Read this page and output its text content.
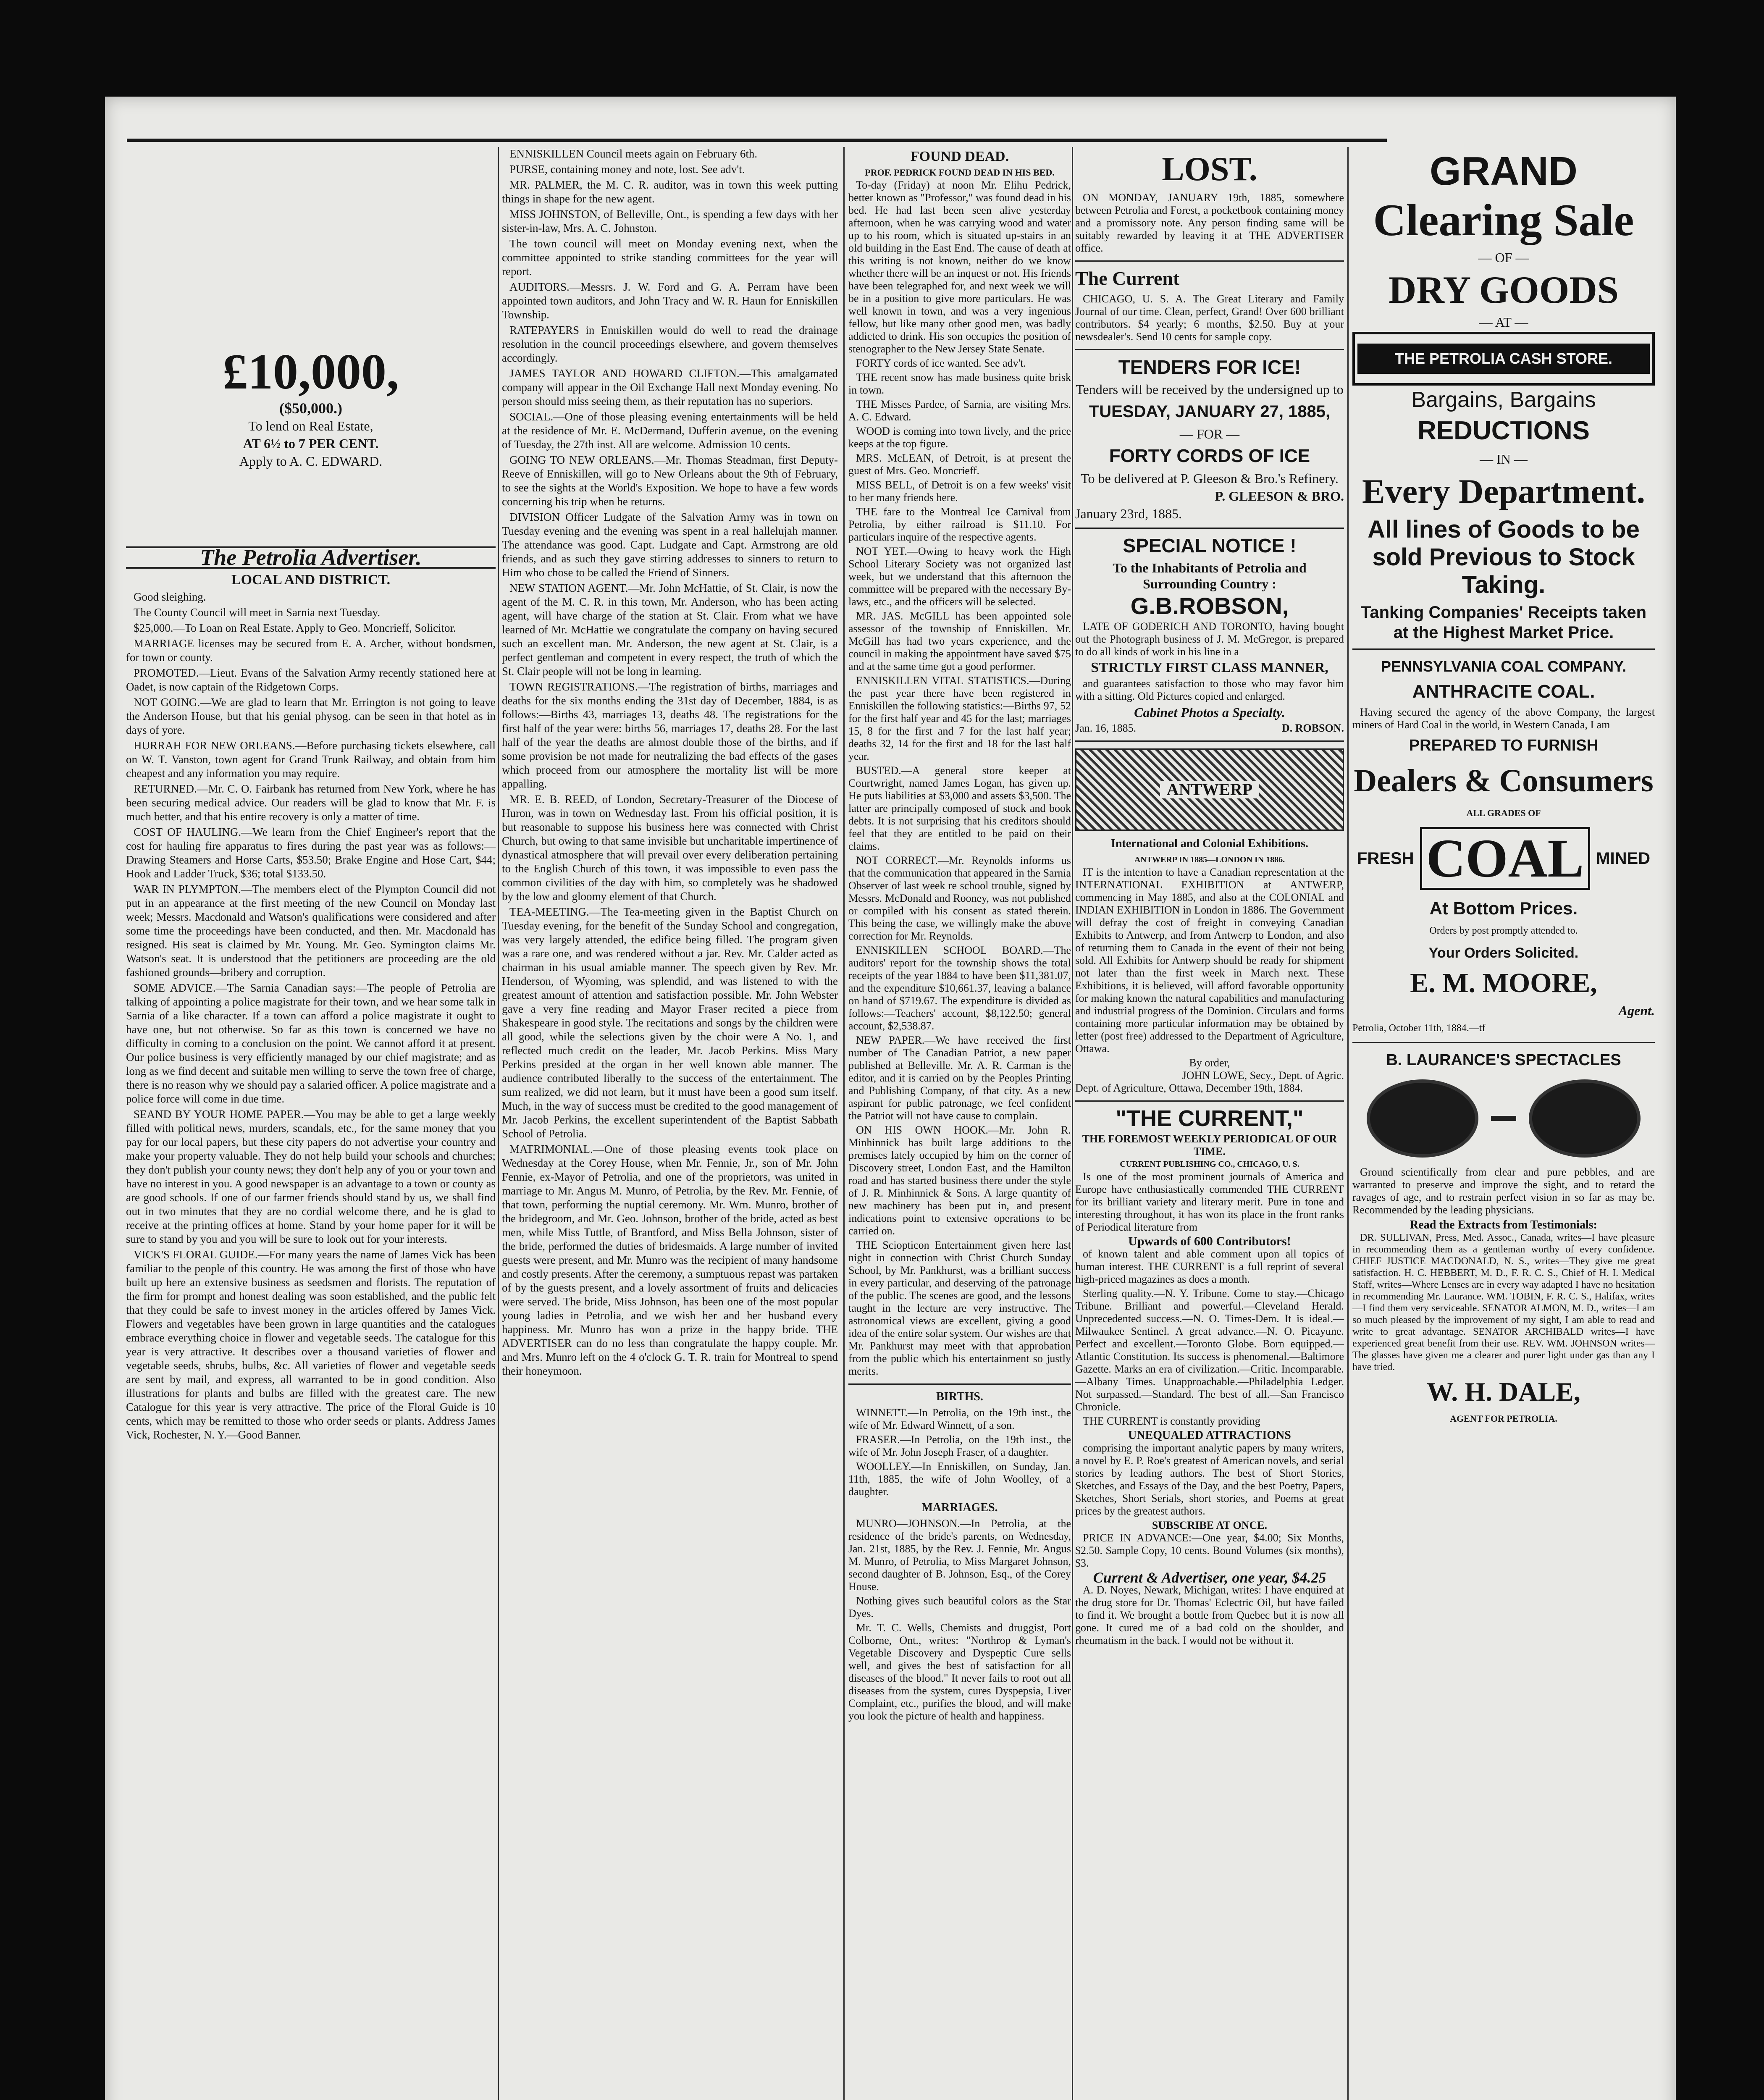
£10,000,
($50,000.)
To lend on Real Estate,
AT 6½ to 7 PER CENT.
Apply to A. C. EDWARD.
The Petrolia Advertiser.
LOCAL AND DISTRICT.

Good sleighing.

The County Council will meet in Sarnia next Tuesday.

$25,000.—To Loan on Real Estate. Apply to Geo. Moncrieff, Solicitor.

MARRIAGE licenses may be secured from E. A. Archer, without bondsmen, for town or county.

PROMOTED.—Lieut. Evans of the Salvation Army recently stationed here at Oadet, is now captain of the Ridgetown Corps.

NOT GOING.—We are glad to learn that Mr. Errington is not going to leave the Anderson House, but that his genial physog. can be seen in that hotel as in days of yore.

HURRAH FOR NEW ORLEANS.—Before purchasing tickets elsewhere, call on W. T. Vanston, town agent for Grand Trunk Railway, and obtain from him cheapest and any information you may require.

RETURNED.—Mr. C. O. Fairbank has returned from New York, where he has been securing medical advice. Our readers will be glad to know that Mr. F. is much better, and that his entire recovery is only a matter of time.

COST OF HAULING.—We learn from the Chief Engineer's report that the cost for hauling fire apparatus to fires during the past year was as follows:—Drawing Steamers and Horse Carts, $53.50; Brake Engine and Hose Cart, $44; Hook and Ladder Truck, $36; total $133.50.

WAR IN PLYMPTON.—The members elect of the Plympton Council did not put in an appearance at the first meeting of the new Council on Monday last week; Messrs. Macdonald and Watson's qualifications were considered and after some time the proceedings have been conducted, and then. Mr. Macdonald has resigned. His seat is claimed by Mr. Young. Mr. Geo. Symington claims Mr. Watson's seat. It is understood that the petitioners are proceeding are the old fashioned grounds—bribery and corruption.

SOME ADVICE.—The Sarnia Canadian says:—The people of Petrolia are talking of appointing a police magistrate for their town, and we hear some talk in Sarnia of a like character. If a town can afford a police magistrate it ought to have one, but not otherwise. So far as this town is concerned we have no difficulty in coming to a conclusion on the point. We cannot afford it at present. Our police business is very efficiently managed by our chief magistrate; and as long as we find decent and suitable men willing to serve the town free of charge, there is no reason why we should pay a salaried officer. A police magistrate and a police force will come in due time.

SEAND BY YOUR HOME PAPER.—You may be able to get a large weekly filled with political news, murders, scandals, etc., for the same money that you pay for our local papers, but these city papers do not advertise your country and make your property valuable. They do not help build your schools and churches; they don't publish your county news; they don't help any of you or your town and have no interest in you. A good newspaper is an advantage to a town or county as are good schools. If one of our farmer friends should stand by us, we shall find out in two minutes that they are no cordial welcome there, and he is glad to receive at the printing offices at home. Stand by your home paper for it will be sure to stand by you and you will be sure to look out for your interests.

VICK'S FLORAL GUIDE.—For many years the name of James Vick has been familiar to the people of this country. He was among the first of those who have built up here an extensive business as seedsmen and florists. The reputation of the firm for prompt and honest dealing was soon established, and the public felt that they could be safe to invest money in the articles offered by James Vick. Flowers and vegetables have been grown in large quantities and the catalogues embrace everything choice in flower and vegetable seeds. The catalogue for this year is very attractive. It describes over a thousand varieties of flower and vegetable seeds, shrubs, bulbs, &c. All varieties of flower and vegetable seeds are sent by mail, and express, all warranted to be in good condition. Also illustrations for plants and bulbs are filled with the greatest care. The new Catalogue for this year is very attractive. The price of the Floral Guide is 10 cents, which may be remitted to those who order seeds or plants. Address James Vick, Rochester, N. Y.—Good Banner.

ENNISKILLEN Council meets again on February 6th.

PURSE, containing money and note, lost. See adv't.

MR. PALMER, the M. C. R. auditor, was in town this week putting things in shape for the new agent.

MISS JOHNSTON, of Belleville, Ont., is spending a few days with her sister-in-law, Mrs. A. C. Johnston.

The town council will meet on Monday evening next, when the committee appointed to strike standing committees for the year will report.

AUDITORS.—Messrs. J. W. Ford and G. A. Perram have been appointed town auditors, and John Tracy and W. R. Haun for Enniskillen Township.

RATEPAYERS in Enniskillen would do well to read the drainage resolution in the council proceedings elsewhere, and govern themselves accordingly.

JAMES TAYLOR AND HOWARD CLIFTON.—This amalgamated company will appear in the Oil Exchange Hall next Monday evening. No person should miss seeing them, as their reputation has no superiors.

SOCIAL.—One of those pleasing evening entertainments will be held at the residence of Mr. E. McDermand, Dufferin avenue, on the evening of Tuesday, the 27th inst. All are welcome. Admission 10 cents.

GOING TO NEW ORLEANS.—Mr. Thomas Steadman, first Deputy-Reeve of Enniskillen, will go to New Orleans about the 9th of February, to see the sights at the World's Exposition. We hope to have a few words concerning his trip when he returns.

DIVISION Officer Ludgate of the Salvation Army was in town on Tuesday evening and the evening was spent in a real hallelujah manner. The attendance was good. Capt. Ludgate and Capt. Armstrong are old friends, and as such they gave stirring addresses to sinners to return to Him who chose to be called the Friend of Sinners.

NEW STATION AGENT.—Mr. John McHattie, of St. Clair, is now the agent of the M. C. R. in this town, Mr. Anderson, who has been acting agent, will have charge of the station at St. Clair. From what we have learned of Mr. McHattie we congratulate the company on having secured such an excellent man. Mr. Anderson, the new agent at St. Clair, is a perfect gentleman and competent in every respect, the truth of which the St. Clair people will not be long in learning.

TOWN REGISTRATIONS.—The registration of births, marriages and deaths for the six months ending the 31st day of December, 1884, is as follows:—Births 43, marriages 13, deaths 48. The registrations for the first half of the year were: births 56, marriages 17, deaths 28. For the last half of the year the deaths are almost double those of the births, and if some provision be not made for neutralizing the bad effects of the gases which proceed from our atmosphere the mortality list will be more appalling.

MR. E. B. REED, of London, Secretary-Treasurer of the Diocese of Huron, was in town on Wednesday last. From his official position, it is but reasonable to suppose his business here was connected with Christ Church, but owing to that same invisible but uncharitable impertinence of dynastical atmosphere that will prevail over every deliberation pertaining to the English Church of this town, it was impossible to even pass the common civilities of the day with him, so completely was he shadowed by the low and gloomy element of that Church.

TEA-MEETING.—The Tea-meeting given in the Baptist Church on Tuesday evening, for the benefit of the Sunday School and congregation, was very largely attended, the edifice being filled. The program given was a rare one, and was rendered without a jar. Rev. Mr. Calder acted as chairman in his usual amiable manner. The speech given by Rev. Mr. Henderson, of Wyoming, was splendid, and was listened to with the greatest amount of attention and satisfaction possible. Mr. John Webster gave a very fine reading and Mayor Fraser recited a piece from Shakespeare in good style. The recitations and songs by the children were all good, while the selections given by the choir were A No. 1, and reflected much credit on the leader, Mr. Jacob Perkins. Miss Mary Perkins presided at the organ in her well known able manner. The audience contributed liberally to the success of the entertainment. The sum realized, we did not learn, but it must have been a good sum itself. Much, in the way of success must be credited to the good management of Mr. Jacob Perkins, the excellent superintendent of the Baptist Sabbath School of Petrolia.

MATRIMONIAL.—One of those pleasing events took place on Wednesday at the Corey House, when Mr. Fennie, Jr., son of Mr. John Fennie, ex-Mayor of Petrolia, and one of the proprietors, was united in marriage to Mr. Angus M. Munro, of Petrolia, by the Rev. Mr. Fennie, of that town, performing the nuptial ceremony. Mr. Wm. Munro, brother of the bridegroom, and Mr. Geo. Johnson, brother of the bride, acted as best men, while Miss Tuttle, of Brantford, and Miss Bella Johnson, sister of the bride, performed the duties of bridesmaids. A large number of invited guests were present, and Mr. Munro was the recipient of many handsome and costly presents. After the ceremony, a sumptuous repast was partaken of by the guests present, and a lovely assortment of fruits and delicacies were served. The bride, Miss Johnson, has been one of the most popular young ladies in Petrolia, and we wish her and her husband every happiness. Mr. Munro has won a prize in the happy bride. THE ADVERTISER can do no less than congratulate the happy couple. Mr. and Mrs. Munro left on the 4 o'clock G. T. R. train for Montreal to spend their honeymoon.

FOUND DEAD.
PROF. PEDRICK FOUND DEAD IN HIS BED.

To-day (Friday) at noon Mr. Elihu Pedrick, better known as "Professor," was found dead in his bed. He had last been seen alive yesterday afternoon, when he was carrying wood and water up to his room, which is situated up-stairs in an old building in the East End. The cause of death at this writing is not known, neither do we know whether there will be an inquest or not. His friends have been telegraphed for, and next week we will be in a position to give more particulars. He was well known in town, and was a very ingenious fellow, but like many other good men, was badly addicted to drink. His son occupies the position of stenographer to the New Jersey State Senate.

FORTY cords of ice wanted. See adv't.

THE recent snow has made business quite brisk in town.

THE Misses Pardee, of Sarnia, are visiting Mrs. A. C. Edward.

WOOD is coming into town lively, and the price keeps at the top figure.

MRS. McLEAN, of Detroit, is at present the guest of Mrs. Geo. Moncrieff.

MISS BELL, of Detroit is on a few weeks' visit to her many friends here.

THE fare to the Montreal Ice Carnival from Petrolia, by either railroad is $11.10. For particulars inquire of the respective agents.

NOT YET.—Owing to heavy work the High School Literary Society was not organized last week, but we understand that this afternoon the committee will be prepared with the necessary By-laws, etc., and the officers will be selected.

MR. JAS. McGILL has been appointed sole assessor of the township of Enniskillen. Mr. McGill has had two years experience, and the council in making the appointment have saved $75 and at the same time got a good performer.

ENNISKILLEN VITAL STATISTICS.—During the past year there have been registered in Enniskillen the following statistics:—Births 97, 52 for the first half year and 45 for the last; marriages 15, 8 for the first and 7 for the last half year; deaths 32, 14 for the first and 18 for the last half year.

BUSTED.—A general store keeper at Courtwright, named James Logan, has given up. He puts liabilities at $3,000 and assets $3,500. The latter are principally composed of stock and book debts. It is not surprising that his creditors should feel that they are entitled to be paid on their claims.

NOT CORRECT.—Mr. Reynolds informs us that the communication that appeared in the Sarnia Observer of last week re school trouble, signed by Messrs. McDonald and Rooney, was not published or compiled with his consent as stated therein. This being the case, we willingly make the above correction for Mr. Reynolds.

ENNISKILLEN SCHOOL BOARD.—The auditors' report for the township shows the total receipts of the year 1884 to have been $11,381.07, and the expenditure $10,661.37, leaving a balance on hand of $719.67. The expenditure is divided as follows:—Teachers' account, $8,122.50; general account, $2,538.87.

NEW PAPER.—We have received the first number of The Canadian Patriot, a new paper published at Belleville. Mr. A. R. Carman is the editor, and it is carried on by the Peoples Printing and Publishing Company, of that city. As a new aspirant for public patronage, we feel confident the Patriot will not have cause to complain.

ON HIS OWN HOOK.—Mr. John R. Minhinnick has built large additions to the premises lately occupied by him on the corner of Discovery street, London East, and the Hamilton road and has started business there under the style of J. R. Minhinnick & Sons. A large quantity of new machinery has been put in, and present indications point to extensive operations to be carried on.

THE Sciopticon Entertainment given here last night in connection with Christ Church Sunday School, by Mr. Pankhurst, was a brilliant success in every particular, and deserving of the patronage of the public. The scenes are good, and the lessons taught in the lecture are very instructive. The astronomical views are excellent, giving a good idea of the entire solar system. Our wishes are that Mr. Pankhurst may meet with that approbation from the public which his entertainment so justly merits.

BIRTHS.

WINNETT.—In Petrolia, on the 19th inst., the wife of Mr. Edward Winnett, of a son.

FRASER.—In Petrolia, on the 19th inst., the wife of Mr. John Joseph Fraser, of a daughter.

WOOLLEY.—In Enniskillen, on Sunday, Jan. 11th, 1885, the wife of John Woolley, of a daughter.

MARRIAGES.

MUNRO—JOHNSON.—In Petrolia, at the residence of the bride's parents, on Wednesday, Jan. 21st, 1885, by the Rev. J. Fennie, Mr. Angus M. Munro, of Petrolia, to Miss Margaret Johnson, second daughter of B. Johnson, Esq., of the Corey House.

Nothing gives such beautiful colors as the Star Dyes.

Mr. T. C. Wells, Chemists and druggist, Port Colborne, Ont., writes: "Northrop & Lyman's Vegetable Discovery and Dyspeptic Cure sells well, and gives the best of satisfaction for all diseases of the blood." It never fails to root out all diseases from the system, cures Dyspepsia, Liver Complaint, etc., purifies the blood, and will make you look the picture of health and happiness.

LOST.

ON MONDAY, JANUARY 19th, 1885, somewhere between Petrolia and Forest, a pocketbook containing money and a promissory note. Any person finding same will be suitably rewarded by leaving it at THE ADVERTISER office.

The Current

CHICAGO, U. S. A. The Great Literary and Family Journal of our time. Clean, perfect, Grand! Over 600 brilliant contributors. $4 yearly; 6 months, $2.50. Buy at your newsdealer's. Send 10 cents for sample copy.

TENDERS FOR ICE!
Tenders will be received by the undersigned up to
TUESDAY, JANUARY 27, 1885,
— FOR —
FORTY CORDS OF ICE
To be delivered at P. Gleeson & Bro.'s Refinery.
P. GLEESON & BRO.
January 23rd, 1885.
SPECIAL NOTICE !
To the Inhabitants of Petrolia and Surrounding Country :
G.B.ROBSON,

LATE OF GODERICH AND TORONTO, having bought out the Photograph business of J. M. McGregor, is prepared to do all kinds of work in his line in a

STRICTLY FIRST CLASS MANNER,

and guarantees satisfaction to those who may favor him with a sitting. Old Pictures copied and enlarged.

Cabinet Photos a Specialty.
Jan. 16, 1885.	D. ROBSON.
ANTWERP
International and Colonial Exhibitions.
ANTWERP IN 1885—LONDON IN 1886.

IT is the intention to have a Canadian representation at the INTERNATIONAL EXHIBITION at ANTWERP, commencing in May 1885, and also at the COLONIAL and INDIAN EXHIBITION in London in 1886. The Government will defray the cost of freight in conveying Canadian Exhibits to Antwerp, and from Antwerp to London, and also of returning them to Canada in the event of their not being sold. All Exhibits for Antwerp should be ready for shipment not later than the first week in March next. These Exhibitions, it is believed, will afford favorable opportunity for making known the natural capabilities and manufacturing and industrial progress of the Dominion. Circulars and forms containing more particular information may be obtained by letter (post free) addressed to the Department of Agriculture, Ottawa.

By order,
JOHN LOWE, Secy., Dept. of Agric.
Dept. of Agriculture, Ottawa, December 19th, 1884.
"THE CURRENT,"
THE FOREMOST WEEKLY PERIODICAL OF OUR TIME.
CURRENT PUBLISHING CO., CHICAGO, U. S.

Is one of the most prominent journals of America and Europe have enthusiastically commended THE CURRENT for its brilliant variety and literary merit. Pure in tone and interesting throughout, it has won its place in the front ranks of Periodical literature from

Upwards of 600 Contributors!

of known talent and able comment upon all topics of human interest. THE CURRENT is a full reprint of several high-priced magazines as does a month.

Sterling quality.—N. Y. Tribune. Come to stay.—Chicago Tribune. Brilliant and powerful.—Cleveland Herald. Unprecedented success.—N. O. Times-Dem. It is ideal.—Milwaukee Sentinel. A great advance.—N. O. Picayune. Perfect and excellent.—Toronto Globe. Born equipped.—Atlantic Constitution. Its success is phenomenal.—Baltimore Gazette. Marks an era of civilization.—Critic. Incomparable.—Albany Times. Unapproachable.—Philadelphia Ledger. Not surpassed.—Standard. The best of all.—San Francisco Chronicle.

THE CURRENT is constantly providing

UNEQUALED ATTRACTIONS

comprising the important analytic papers by many writers, a novel by E. P. Roe's greatest of American novels, and serial stories by leading authors. The best of Short Stories, Sketches, and Essays of the Day, and the best Poetry, Papers, Sketches, Short Serials, short stories, and Poems at great prices by the greatest authors.

SUBSCRIBE AT ONCE.

PRICE IN ADVANCE:—One year, $4.00; Six Months, $2.50. Sample Copy, 10 cents. Bound Volumes (six months), $3.

Current & Advertiser, one year, $4.25

A. D. Noyes, Newark, Michigan, writes: I have enquired at the drug store for Dr. Thomas' Eclectric Oil, but have failed to find it. We brought a bottle from Quebec but it is now all gone. It cured me of a bad cold on the shoulder, and rheumatism in the back. I would not be without it.

GRAND
Clearing Sale
— OF —
DRY GOODS
— AT —
THE PETROLIA CASH STORE.
Bargains, Bargains
REDUCTIONS
— IN —
Every Department.
All lines of Goods to be sold Previous to Stock Taking.
Tanking Companies' Receipts taken at the Highest Market Price.
PENNSYLVANIA COAL COMPANY.
ANTHRACITE COAL.

Having secured the agency of the above Company, the largest miners of Hard Coal in the world, in Western Canada, I am

PREPARED TO FURNISH
Dealers & Consumers
ALL GRADES OF
FRESH COAL MINED
At Bottom Prices.
Orders by post promptly attended to.
Your Orders Solicited.
E. M. MOORE,
Agent.
Petrolia, October 11th, 1884.—tf
B. LAURANCE'S SPECTACLES

Ground scientifically from clear and pure pebbles, and are warranted to preserve and improve the sight, and to retard the ravages of age, and to restrain perfect vision in so far as may be. Recommended by the leading physicians.

Read the Extracts from Testimonials:

DR. SULLIVAN, Press, Med. Assoc., Canada, writes—I have pleasure in recommending them as a gentleman worthy of every confidence. CHIEF JUSTICE MACDONALD, N. S., writes—They give me great satisfaction. H. C. HEBBERT, M. D., F. R. C. S., Chief of H. I. Medical Staff, writes—Where Lenses are in every way adapted I have no hesitation in recommending Mr. Laurance. WM. TOBIN, F. R. C. S., Halifax, writes—I find them very serviceable. SENATOR ALMON, M. D., writes—I am so much pleased by the improvement of my sight, I am able to read and write to great advantage. SENATOR ARCHIBALD writes—I have experienced great benefit from their use. REV. WM. JOHNSON writes—The glasses have given me a clearer and purer light under gas than any I have tried.

W. H. DALE,
AGENT FOR PETROLIA.
